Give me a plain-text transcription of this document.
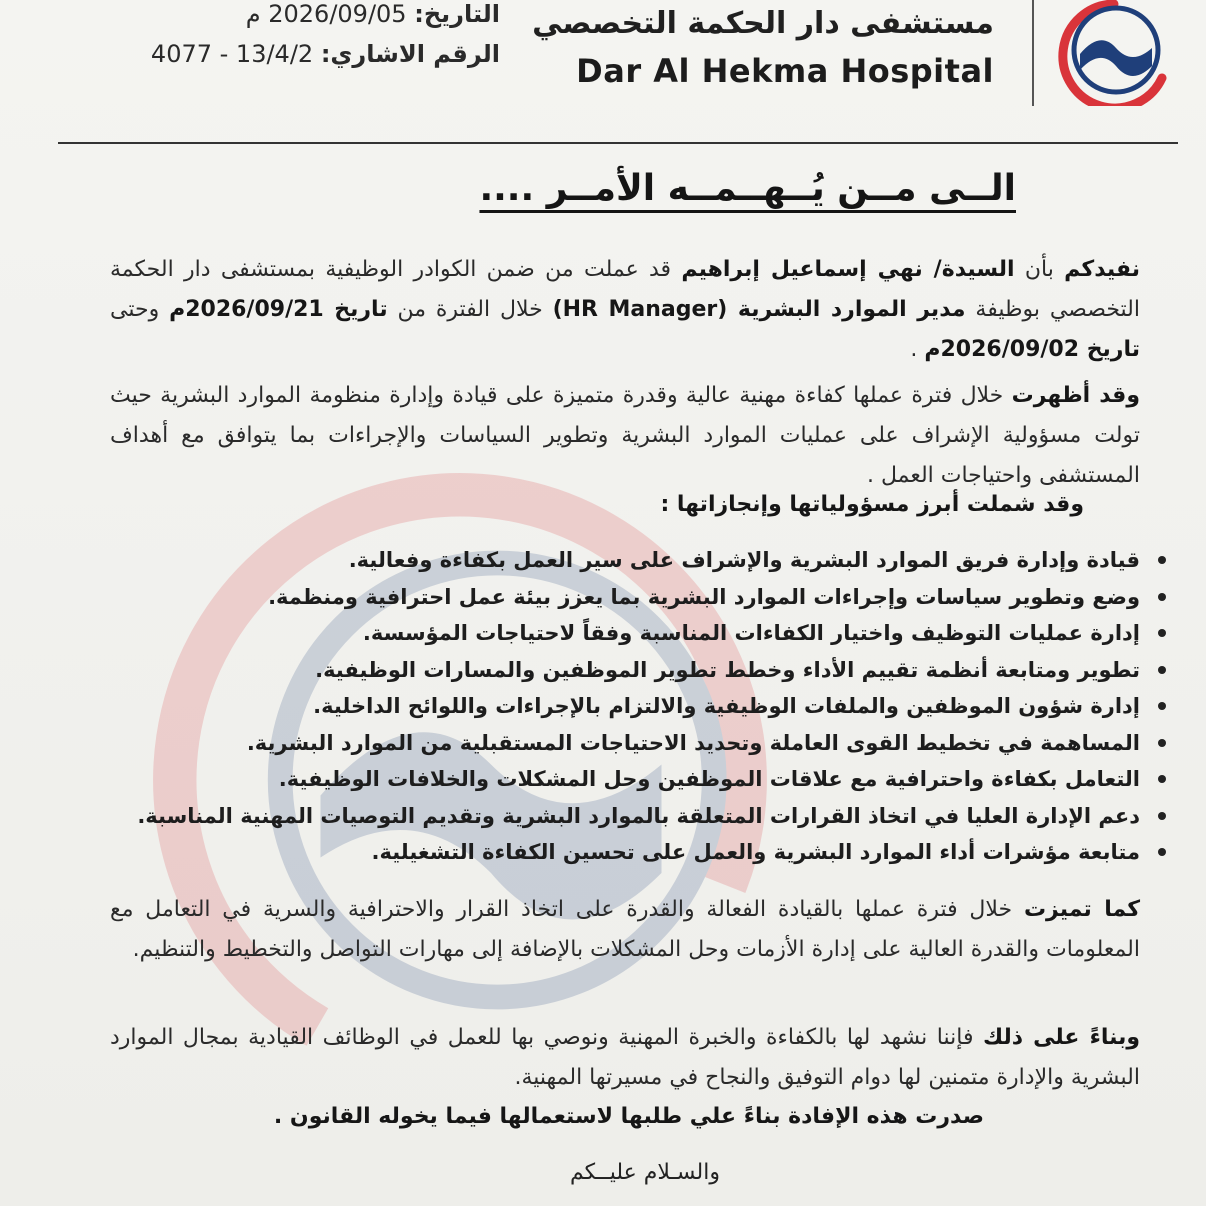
التاريخ: 2026/09/05 م
الرقم الاشاري: 13/4/2 - 4077
مستشفى دار الحكمة التخصصي
Dar Al Hekma Hospital
الــى مــن يُــهــمــه الأمــر ....
نفيدكم بأن السيدة/ نهي إسماعيل إبراهيم قد عملت من ضمن الكوادر الوظيفية بمستشفى دار الحكمة التخصصي بوظيفة مدير الموارد البشرية (HR Manager) خلال الفترة من تاريخ 2026/09/21م وحتى تاريخ 2026/09/02م .
وقد أظهرت خلال فترة عملها كفاءة مهنية عالية وقدرة متميزة على قيادة وإدارة منظومة الموارد البشرية حيث تولت مسؤولية الإشراف على عمليات الموارد البشرية وتطوير السياسات والإجراءات بما يتوافق مع أهداف المستشفى واحتياجات العمل .
وقد شملت أبرز مسؤولياتها وإنجازاتها :
قيادة وإدارة فريق الموارد البشرية والإشراف على سير العمل بكفاءة وفعالية.
وضع وتطوير سياسات وإجراءات الموارد البشرية بما يعزز بيئة عمل احترافية ومنظمة.
إدارة عمليات التوظيف واختيار الكفاءات المناسبة وفقاً لاحتياجات المؤسسة.
تطوير ومتابعة أنظمة تقييم الأداء وخطط تطوير الموظفين والمسارات الوظيفية.
إدارة شؤون الموظفين والملفات الوظيفية والالتزام بالإجراءات واللوائح الداخلية.
المساهمة في تخطيط القوى العاملة وتحديد الاحتياجات المستقبلية من الموارد البشرية.
التعامل بكفاءة واحترافية مع علاقات الموظفين وحل المشكلات والخلافات الوظيفية.
دعم الإدارة العليا في اتخاذ القرارات المتعلقة بالموارد البشرية وتقديم التوصيات المهنية المناسبة.
متابعة مؤشرات أداء الموارد البشرية والعمل على تحسين الكفاءة التشغيلية.
كما تميزت خلال فترة عملها بالقيادة الفعالة والقدرة على اتخاذ القرار والاحترافية والسرية في التعامل مع المعلومات والقدرة العالية على إدارة الأزمات وحل المشكلات بالإضافة إلى مهارات التواصل والتخطيط والتنظيم.
وبناءً على ذلك فإننا نشهد لها بالكفاءة والخبرة المهنية ونوصي بها للعمل في الوظائف القيادية بمجال الموارد البشرية والإدارة متمنين لها دوام التوفيق والنجاح في مسيرتها المهنية.
صدرت هذه الإفادة بناءً علي طلبها لاستعمالها فيما يخوله القانون .
والسـلام عليــكم
